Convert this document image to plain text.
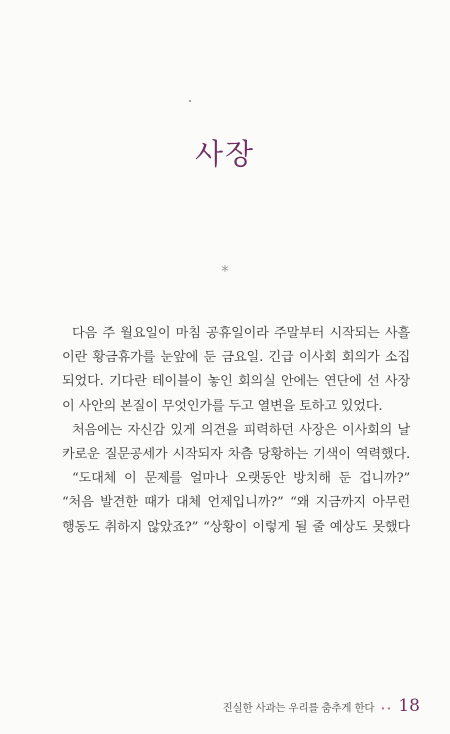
사장
*

다음 주 월요일이 마침 공휴일이라 주말부터 시작되는 사흘

이란 황금휴가를 눈앞에 둔 금요일. 긴급 이사회 회의가 소집

되었다. 기다란 테이블이 놓인 회의실 안에는 연단에 선 사장

이 사안의 본질이 무엇인가를 두고 열변을 토하고 있었다.

처음에는 자신감 있게 의견을 피력하던 사장은 이사회의 날

카로운 질문공세가 시작되자 차츰 당황하는 기색이 역력했다.

“도대체 이 문제를 얼마나 오랫동안 방치해 둔 겁니까?”

“처음 발견한 때가 대체 언제입니까?” “왜 지금까지 아무런

행동도 취하지 않았죠?” “상황이 이렇게 될 줄 예상도 못했다

진실한 사과는 우리를 춤추게 한다 ∙∙ 18
